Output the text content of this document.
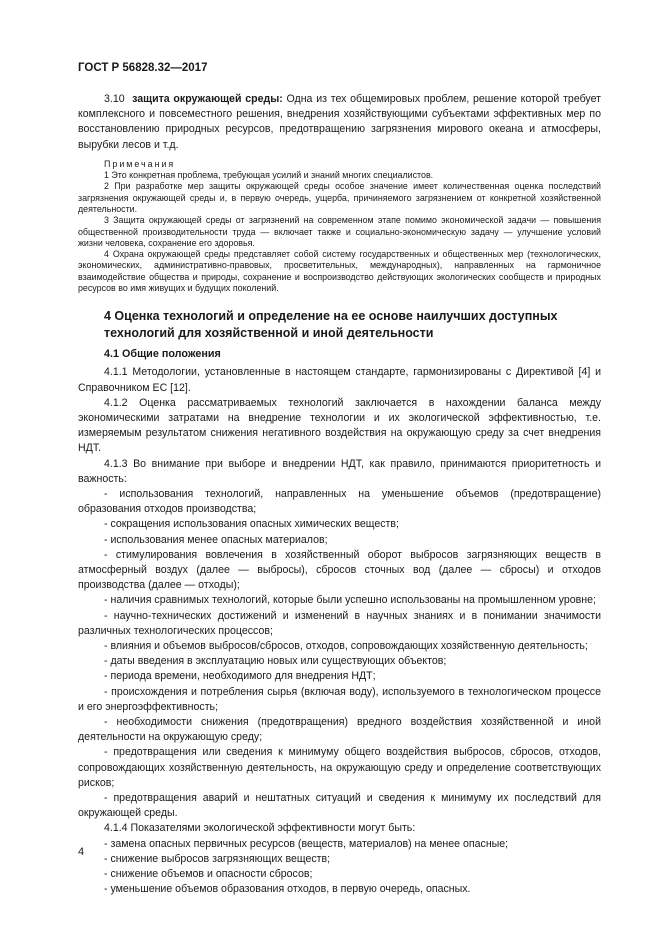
ГОСТ Р 56828.32—2017

3.10 защита окружающей среды: Одна из тех общемировых проблем, решение которой требует комплексного и повсеместного решения, внедрения хозяйствующими субъектами эффективных мер по восстановлению природных ресурсов, предотвращению загрязнения мирового океана и атмосферы, вырубки лесов и т.д.

Примечания

1 Это конкретная проблема, требующая усилий и знаний многих специалистов.

2 При разработке мер защиты окружающей среды особое значение имеет количественная оценка последствий загрязнения окружающей среды и, в первую очередь, ущерба, причиняемого загрязнением от конкретной хозяйственной деятельности.

3 Защита окружающей среды от загрязнений на современном этапе помимо экономической задачи — повышения общественной производительности труда — включает также и социально-экономическую задачу — улучшение условий жизни человека, сохранение его здоровья.

4 Охрана окружающей среды представляет собой систему государственных и общественных мер (технологических, экономических, административно-правовых, просветительных, международных), направленных на гармоничное взаимодействие общества и природы, сохранение и воспроизводство действующих экологических сообществ и природных ресурсов во имя живущих и будущих поколений.

4 Оценка технологий и определение на ее основе наилучших доступных технологий для хозяйственной и иной деятельности
4.1 Общие положения

4.1.1 Методологии, установленные в настоящем стандарте, гармонизированы с Директивой [4] и Справочником ЕС [12].

4.1.2 Оценка рассматриваемых технологий заключается в нахождении баланса между экономическими затратами на внедрение технологии и их экологической эффективностью, т.е. измеряемым результатом снижения негативного воздействия на окружающую среду за счет внедрения НДТ.

4.1.3 Во внимание при выборе и внедрении НДТ, как правило, принимаются приоритетность и важность:

- использования технологий, направленных на уменьшение объемов (предотвращение) образования отходов производства;

- сокращения использования опасных химических веществ;

- использования менее опасных материалов;

- стимулирования вовлечения в хозяйственный оборот выбросов загрязняющих веществ в атмосферный воздух (далее — выбросы), сбросов сточных вод (далее — сбросы) и отходов производства (далее — отходы);

- наличия сравнимых технологий, которые были успешно использованы на промышленном уровне;

- научно-технических достижений и изменений в научных знаниях и в понимании значимости различных технологических процессов;

- влияния и объемов выбросов/сбросов, отходов, сопровождающих хозяйственную деятельность;

- даты введения в эксплуатацию новых или существующих объектов;

- периода времени, необходимого для внедрения НДТ;

- происхождения и потребления сырья (включая воду), используемого в технологическом процессе и его энергоэффективность;

- необходимости снижения (предотвращения) вредного воздействия хозяйственной и иной деятельности на окружающую среду;

- предотвращения или сведения к минимуму общего воздействия выбросов, сбросов, отходов, сопровождающих хозяйственную деятельность, на окружающую среду и определение соответствующих рисков;

- предотвращения аварий и нештатных ситуаций и сведения к минимуму их последствий для окружающей среды.

4.1.4 Показателями экологической эффективности могут быть:

- замена опасных первичных ресурсов (веществ, материалов) на менее опасные;

- снижение выбросов загрязняющих веществ;

- снижение объемов и опасности сбросов;

- уменьшение объемов образования отходов, в первую очередь, опасных.

4
